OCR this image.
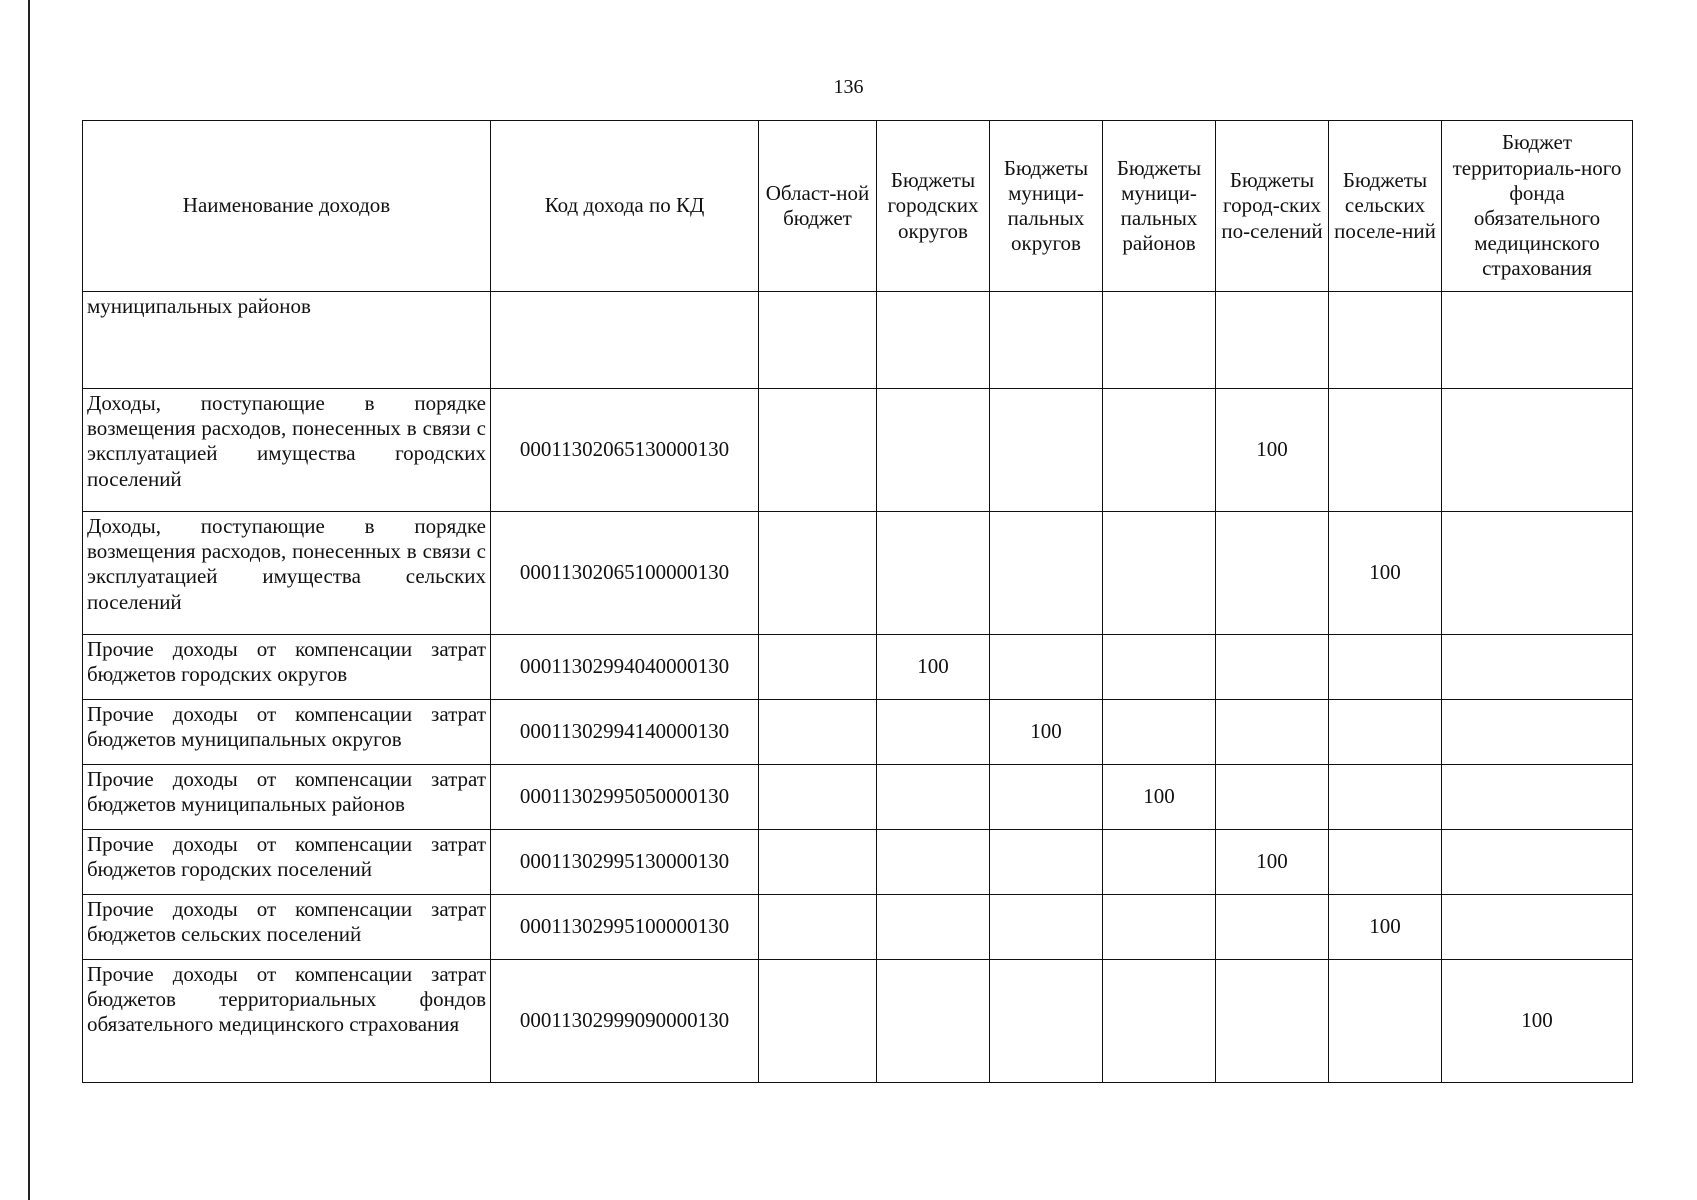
136
Наименование доходов	Код дохода по КД	Област-ной бюджет	Бюджеты городских округов	Бюджеты муници-пальных округов	Бюджеты муници-пальных районов	Бюджеты город-ских по-селений	Бюджеты сельских поселе-ний	Бюджет территориаль-ного фонда обязательного медицинского страхования
муниципальных районов								
Доходы, поступающие в порядке возмещения расходов, понесенных в связи с эксплуатацией имущества городских поселений	00011302065130000130					100		
Доходы, поступающие в порядке возмещения расходов, понесенных в связи с эксплуатацией имущества сельских поселений	00011302065100000130						100	
Прочие доходы от компенсации затрат бюджетов городских округов	00011302994040000130		100					
Прочие доходы от компенсации затрат бюджетов муниципальных округов	00011302994140000130			100				
Прочие доходы от компенсации затрат бюджетов муниципальных районов	00011302995050000130				100			
Прочие доходы от компенсации затрат бюджетов городских поселений	00011302995130000130					100		
Прочие доходы от компенсации затрат бюджетов сельских поселений	00011302995100000130						100	
Прочие доходы от компенсации затрат бюджетов территориальных фондов обязательного медицинского страхования	00011302999090000130							100
